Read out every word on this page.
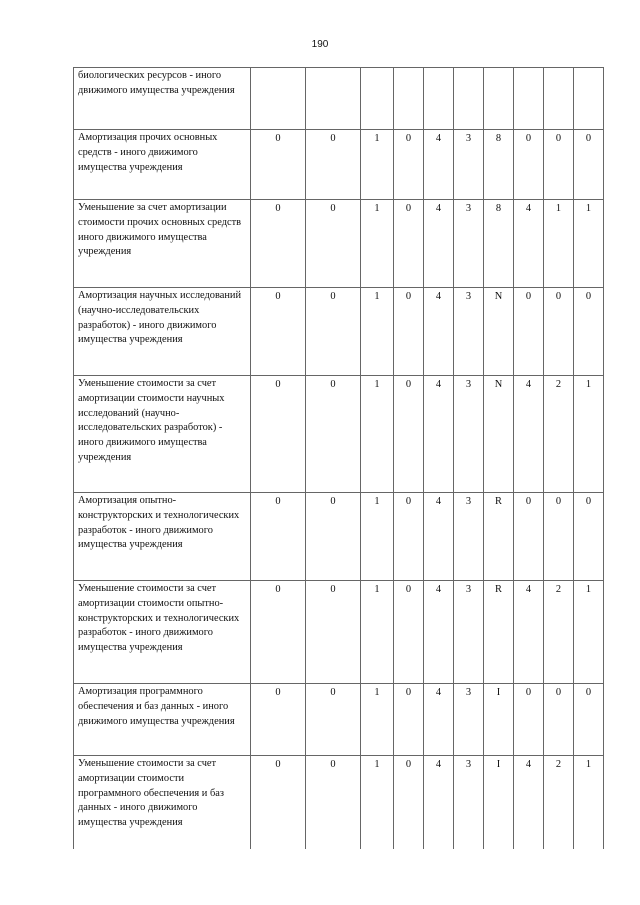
190
биологических ресурсов - иного движимого имущества учреждения										
Амортизация прочих основных средств - иного движимого имущества учреждения	0	0	1	0	4	3	8	0	0	0
Уменьшение за счет амортизации стоимости прочих основных средств иного движимого имущества учреждения	0	0	1	0	4	3	8	4	1	1
Амортизация научных исследований (научно-исследовательских разработок) - иного движимого имущества учреждения	0	0	1	0	4	3	N	0	0	0
Уменьшение стоимости за счет амортизации стоимости научных исследований (научно-исследовательских разработок) - иного движимого имущества учреждения	0	0	1	0	4	3	N	4	2	1
Амортизация опытно-конструкторских и технологических разработок - иного движимого имущества учреждения	0	0	1	0	4	3	R	0	0	0
Уменьшение стоимости за счет амортизации стоимости опытно-конструкторских и технологических разработок - иного движимого имущества учреждения	0	0	1	0	4	3	R	4	2	1
Амортизация программного обеспечения и баз данных - иного движимого имущества учреждения	0	0	1	0	4	3	I	0	0	0
Уменьшение стоимости за счет амортизации стоимости программного обеспечения и баз данных - иного движимого имущества учреждения	0	0	1	0	4	3	I	4	2	1
